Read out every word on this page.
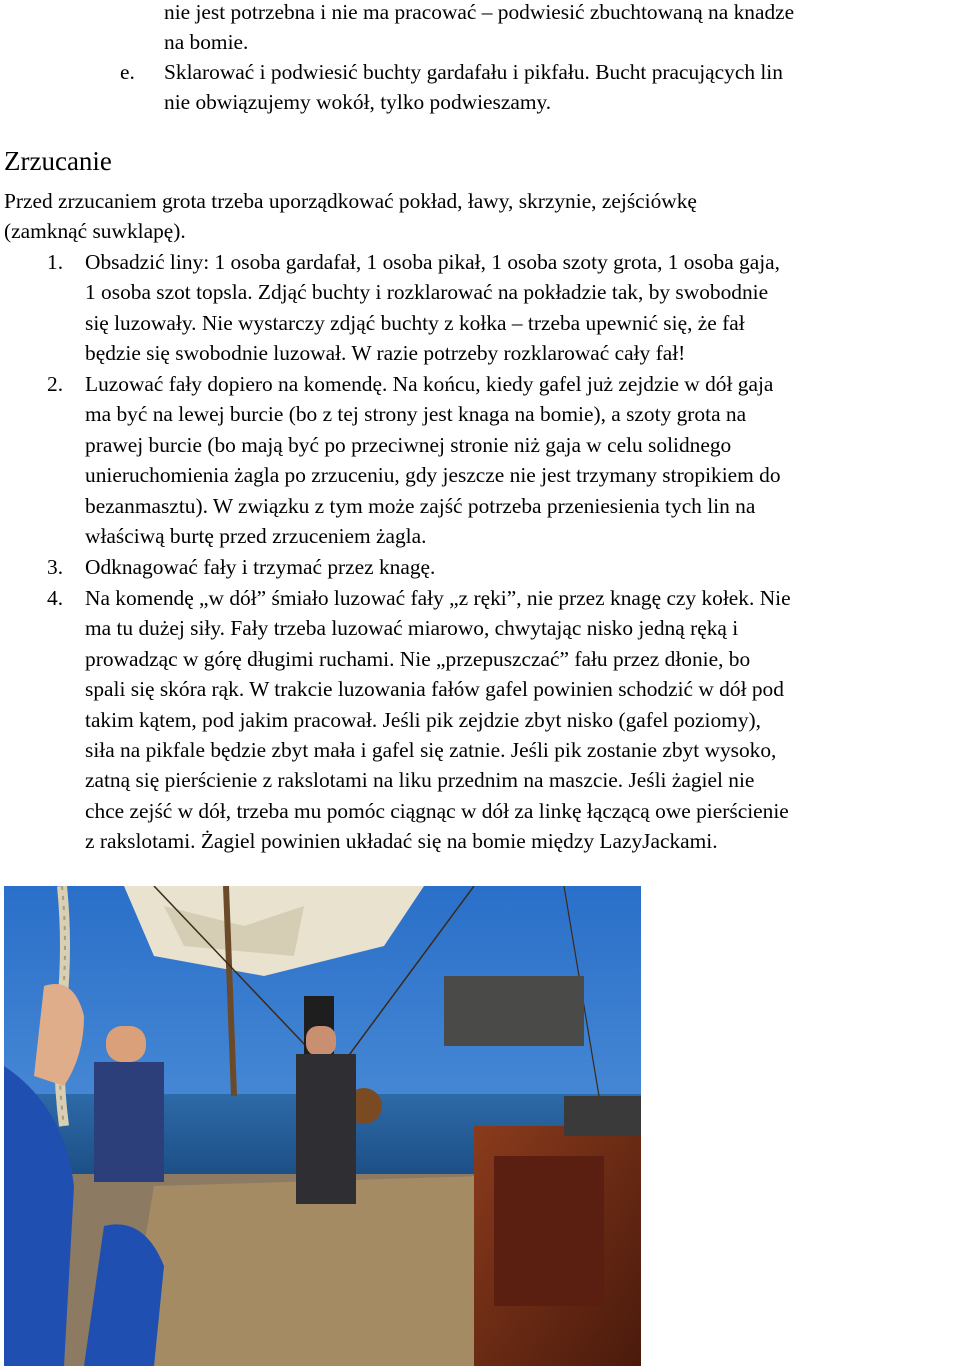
nie jest potrzebna i nie ma pracować – podwiesić zbuchtowaną na knadze
na bomie.
e. Sklarować i podwiesić buchty gardafału i pikfału. Bucht pracujących lin
nie obwiązujemy wokół, tylko podwieszamy.
Zrzucanie
Przed zrzucaniem grota trzeba uporządkować pokład, ławy, skrzynie, zejściówkę
(zamknąć suwklapę).
1. Obsadzić liny: 1 osoba gardafał, 1 osoba pikał, 1 osoba szoty grota, 1 osoba gaja,
1 osoba szot topsla. Zdjąć buchty i rozklarować na pokładzie tak, by swobodnie
się luzowały. Nie wystarczy zdjąć buchty z kołka – trzeba upewnić się, że fał
będzie się swobodnie luzował. W razie potrzeby rozklarować cały fał!
2. Luzować fały dopiero na komendę. Na końcu, kiedy gafel już zejdzie w dół gaja
ma być na lewej burcie (bo z tej strony jest knaga na bomie), a szoty grota na
prawej burcie (bo mają być po przeciwnej stronie niż gaja w celu solidnego
unieruchomienia żagla po zrzuceniu, gdy jeszcze nie jest trzymany stropikiem do
bezanmasztu). W związku z tym może zajść potrzeba przeniesienia tych lin na
właściwą burtę przed zrzuceniem żagla.
3. Odknagować fały i trzymać przez knagę.
4. Na komendę „w dół” śmiało luzować fały „z ręki”, nie przez knagę czy kołek. Nie
ma tu dużej siły. Fały trzeba luzować miarowo, chwytając nisko jedną ręką i
prowadząc w górę długimi ruchami. Nie „przepuszczać” fału przez dłonie, bo
spali się skóra rąk. W trakcie luzowania fałów gafel powinien schodzić w dół pod
takim kątem, pod jakim pracował. Jeśli pik zejdzie zbyt nisko (gafel poziomy),
siła na pikfale będzie zbyt mała i gafel się zatnie. Jeśli pik zostanie zbyt wysoko,
zatną się pierścienie z rakslotami na liku przednim na maszcie. Jeśli żagiel nie
chce zejść w dół, trzeba mu pomóc ciągnąc w dół za linkę łączącą owe pierścienie
z rakslotami. Żagiel powinien układać się na bomie między LazyJackami.
